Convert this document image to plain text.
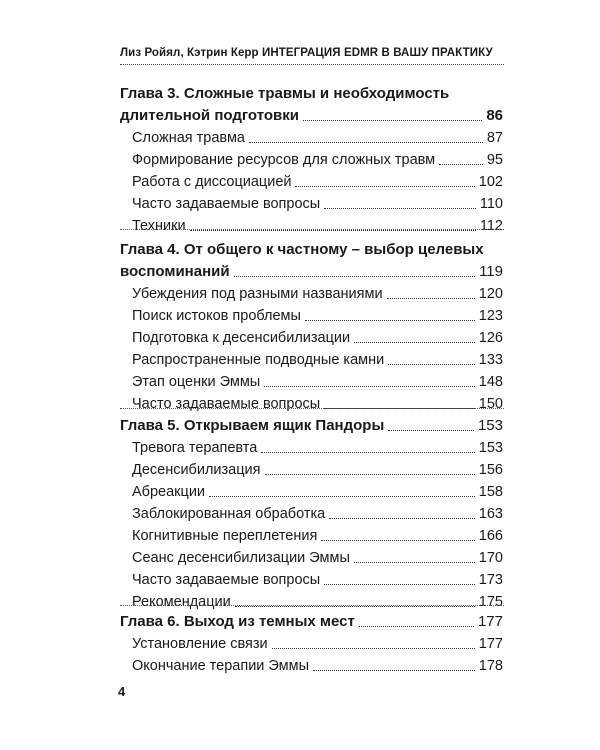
Лиз Ройял, Кэтрин Керр ИНТЕГРАЦИЯ EDMR В ВАШУ ПРАКТИКУ
Глава 3. Сложные травмы и необходимость
длительной подготовки	86
Сложная травма	87
Формирование ресурсов для сложных травм	95
Работа с диссоциацией	102
Часто задаваемые вопросы	110
Техники	112
Глава 4. От общего к частному – выбор целевых
воспоминаний	119
Убеждения под разными названиями	120
Поиск истоков проблемы	123
Подготовка к десенсибилизации	126
Распространенные подводные камни	133
Этап оценки Эммы	148
Часто задаваемые вопросы	150
Глава 5. Открываем ящик Пандоры	153
Тревога терапевта	153
Десенсибилизация	156
Абреакции	158
Заблокированная обработка	163
Когнитивные переплетения	166
Сеанс десенсибилизации Эммы	170
Часто задаваемые вопросы	173
Рекомендации	175
Глава 6. Выход из темных мест	177
Установление связи	177
Окончание терапии Эммы	178
4
